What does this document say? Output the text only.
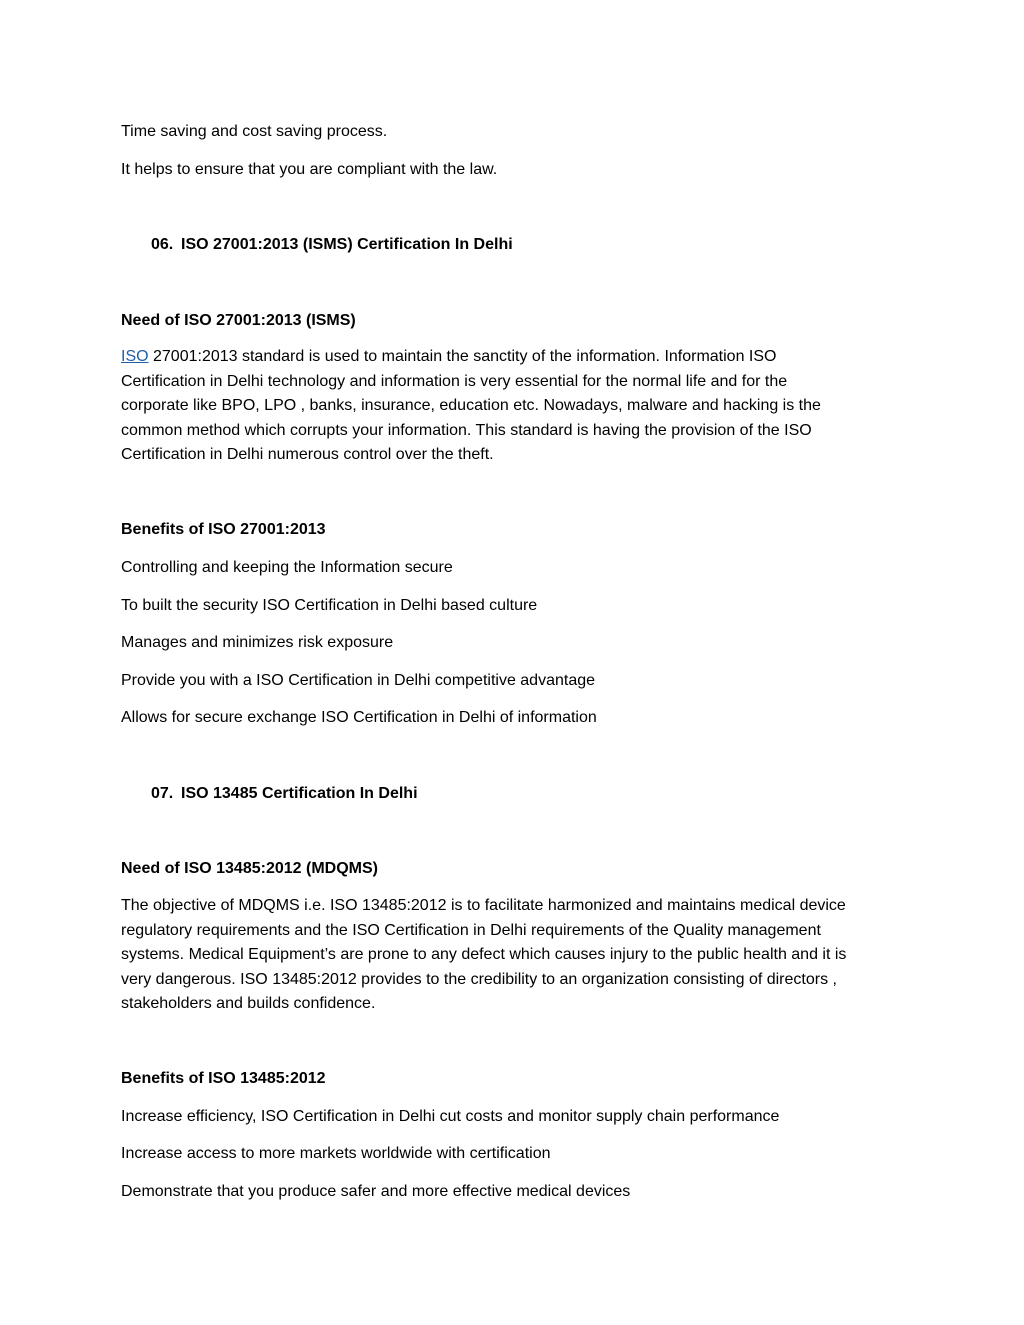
Time saving and cost saving process.

It helps to ensure that you are compliant with the law.

06. ISO 27001:2013 (ISMS) Certification In Delhi

Need of ISO 27001:2013 (ISMS)

ISO 27001:2013 standard is used to maintain the sanctity of the information. Information ISO
Certification in Delhi technology and information is very essential for the normal life and for the
corporate like BPO, LPO , banks, insurance, education etc. Nowadays, malware and hacking is the
common method which corrupts your information. This standard is having the provision of the ISO
Certification in Delhi numerous control over the theft.

Benefits of ISO 27001:2013

Controlling and keeping the Information secure

To built the security ISO Certification in Delhi based culture

Manages and minimizes risk exposure

Provide you with a ISO Certification in Delhi competitive advantage

Allows for secure exchange ISO Certification in Delhi of information

07. ISO 13485 Certification In Delhi

Need of ISO 13485:2012 (MDQMS)

The objective of MDQMS i.e. ISO 13485:2012 is to facilitate harmonized and maintains medical device
regulatory requirements and the ISO Certification in Delhi requirements of the Quality management
systems. Medical Equipment’s are prone to any defect which causes injury to the public health and it is
very dangerous. ISO 13485:2012 provides to the credibility to an organization consisting of directors ,
stakeholders and builds confidence.

Benefits of ISO 13485:2012

Increase efficiency, ISO Certification in Delhi cut costs and monitor supply chain performance

Increase access to more markets worldwide with certification

Demonstrate that you produce safer and more effective medical devices
